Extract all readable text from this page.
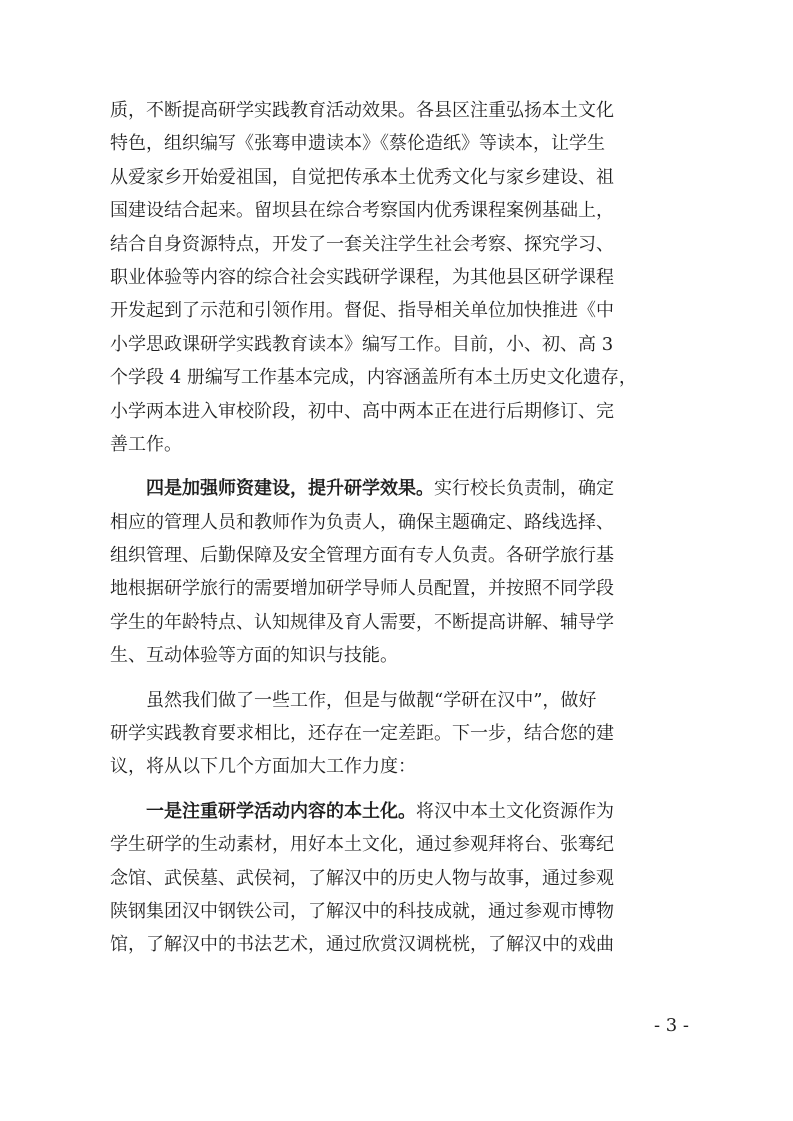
质，不断提高研学实践教育活动效果。各县区注重弘扬本土文化
特色，组织编写《张骞申遗读本》《蔡伦造纸》等读本，让学生
从爱家乡开始爱祖国，自觉把传承本土优秀文化与家乡建设、祖
国建设结合起来。留坝县在综合考察国内优秀课程案例基础上，
结合自身资源特点，开发了一套关注学生社会考察、探究学习、
职业体验等内容的综合社会实践研学课程，为其他县区研学课程
开发起到了示范和引领作用。督促、指导相关单位加快推进《中
小学思政课研学实践教育读本》编写工作。目前，小、初、高 3
个学段 4 册编写工作基本完成，内容涵盖所有本土历史文化遗存，
小学两本进入审校阶段，初中、高中两本正在进行后期修订、完
善工作。
四是加强师资建设，提升研学效果。实行校长负责制，确定
相应的管理人员和教师作为负责人，确保主题确定、路线选择、
组织管理、后勤保障及安全管理方面有专人负责。各研学旅行基
地根据研学旅行的需要增加研学导师人员配置，并按照不同学段
学生的年龄特点、认知规律及育人需要，不断提高讲解、辅导学
生、互动体验等方面的知识与技能。
虽然我们做了一些工作，但是与做靓“学研在汉中”，做好
研学实践教育要求相比，还存在一定差距。下一步，结合您的建
议，将从以下几个方面加大工作力度：
一是注重研学活动内容的本土化。将汉中本土文化资源作为
学生研学的生动素材，用好本土文化，通过参观拜将台、张骞纪
念馆、武侯墓、武侯祠，了解汉中的历史人物与故事，通过参观
陕钢集团汉中钢铁公司，了解汉中的科技成就，通过参观市博物
馆，了解汉中的书法艺术，通过欣赏汉调桄桄，了解汉中的戏曲
- 3 -
